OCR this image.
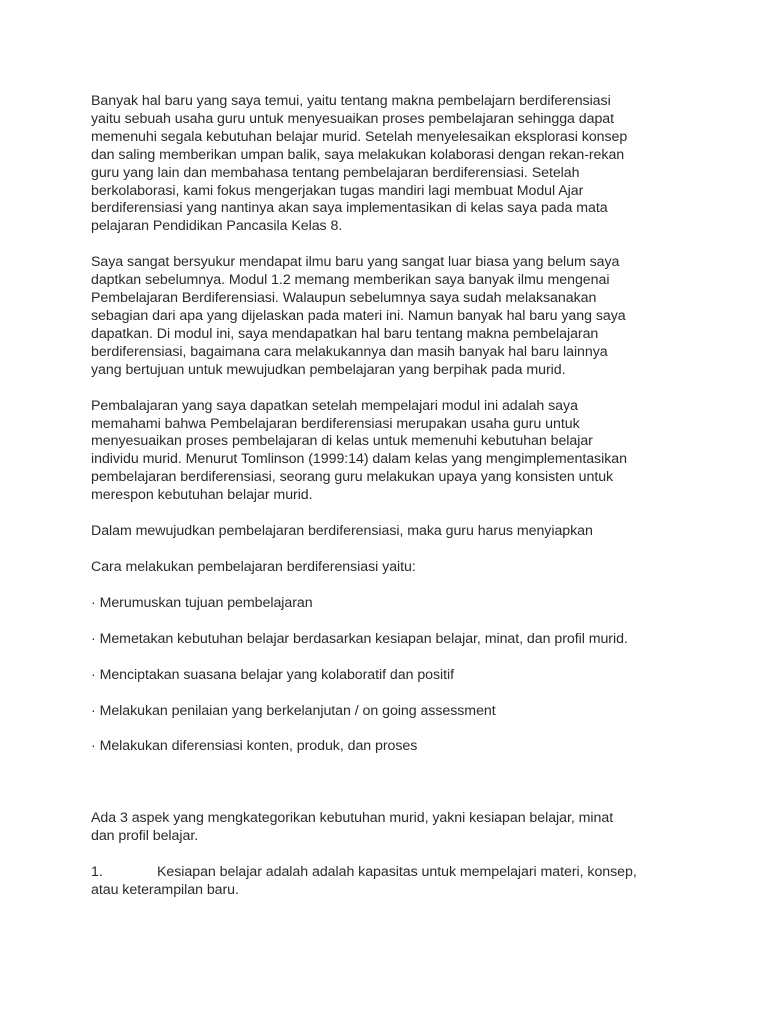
Banyak hal baru yang saya temui, yaitu tentang makna pembelajarn berdiferensiasi
yaitu sebuah usaha guru untuk menyesuaikan proses pembelajaran sehingga dapat
memenuhi segala kebutuhan belajar murid. Setelah menyelesaikan eksplorasi konsep
dan saling memberikan umpan balik, saya melakukan kolaborasi dengan rekan-rekan
guru yang lain dan membahasa tentang pembelajaran berdiferensiasi. Setelah
berkolaborasi, kami fokus mengerjakan tugas mandiri lagi membuat Modul Ajar
berdiferensiasi yang nantinya akan saya implementasikan di kelas saya pada mata
pelajaran Pendidikan Pancasila Kelas 8.

Saya sangat bersyukur mendapat ilmu baru yang sangat luar biasa yang belum saya
daptkan sebelumnya. Modul 1.2 memang memberikan saya banyak ilmu mengenai
Pembelajaran Berdiferensiasi. Walaupun sebelumnya saya sudah melaksanakan
sebagian dari apa yang dijelaskan pada materi ini. Namun banyak hal baru yang saya
dapatkan. Di modul ini, saya mendapatkan hal baru tentang makna pembelajaran
berdiferensiasi, bagaimana cara melakukannya dan masih banyak hal baru lainnya
yang bertujuan untuk mewujudkan pembelajaran yang berpihak pada murid.

Pembalajaran yang saya dapatkan setelah mempelajari modul ini adalah saya
memahami bahwa Pembelajaran berdiferensiasi merupakan usaha guru untuk
menyesuaikan proses pembelajaran di kelas untuk memenuhi kebutuhan belajar
individu murid. Menurut Tomlinson (1999:14) dalam kelas yang mengimplementasikan
pembelajaran berdiferensiasi, seorang guru melakukan upaya yang konsisten untuk
merespon kebutuhan belajar murid.

Dalam mewujudkan pembelajaran berdiferensiasi, maka guru harus menyiapkan

Cara melakukan pembelajaran berdiferensiasi yaitu:

· Merumuskan tujuan pembelajaran

· Memetakan kebutuhan belajar berdasarkan kesiapan belajar, minat, dan profil murid.

· Menciptakan suasana belajar yang kolaboratif dan positif

· Melakukan penilaian yang berkelanjutan / on going assessment

· Melakukan diferensiasi konten, produk, dan proses

Ada 3 aspek yang mengkategorikan kebutuhan murid, yakni kesiapan belajar, minat
dan profil belajar.

1.	Kesiapan belajar adalah adalah kapasitas untuk mempelajari materi, konsep,
atau keterampilan baru.
